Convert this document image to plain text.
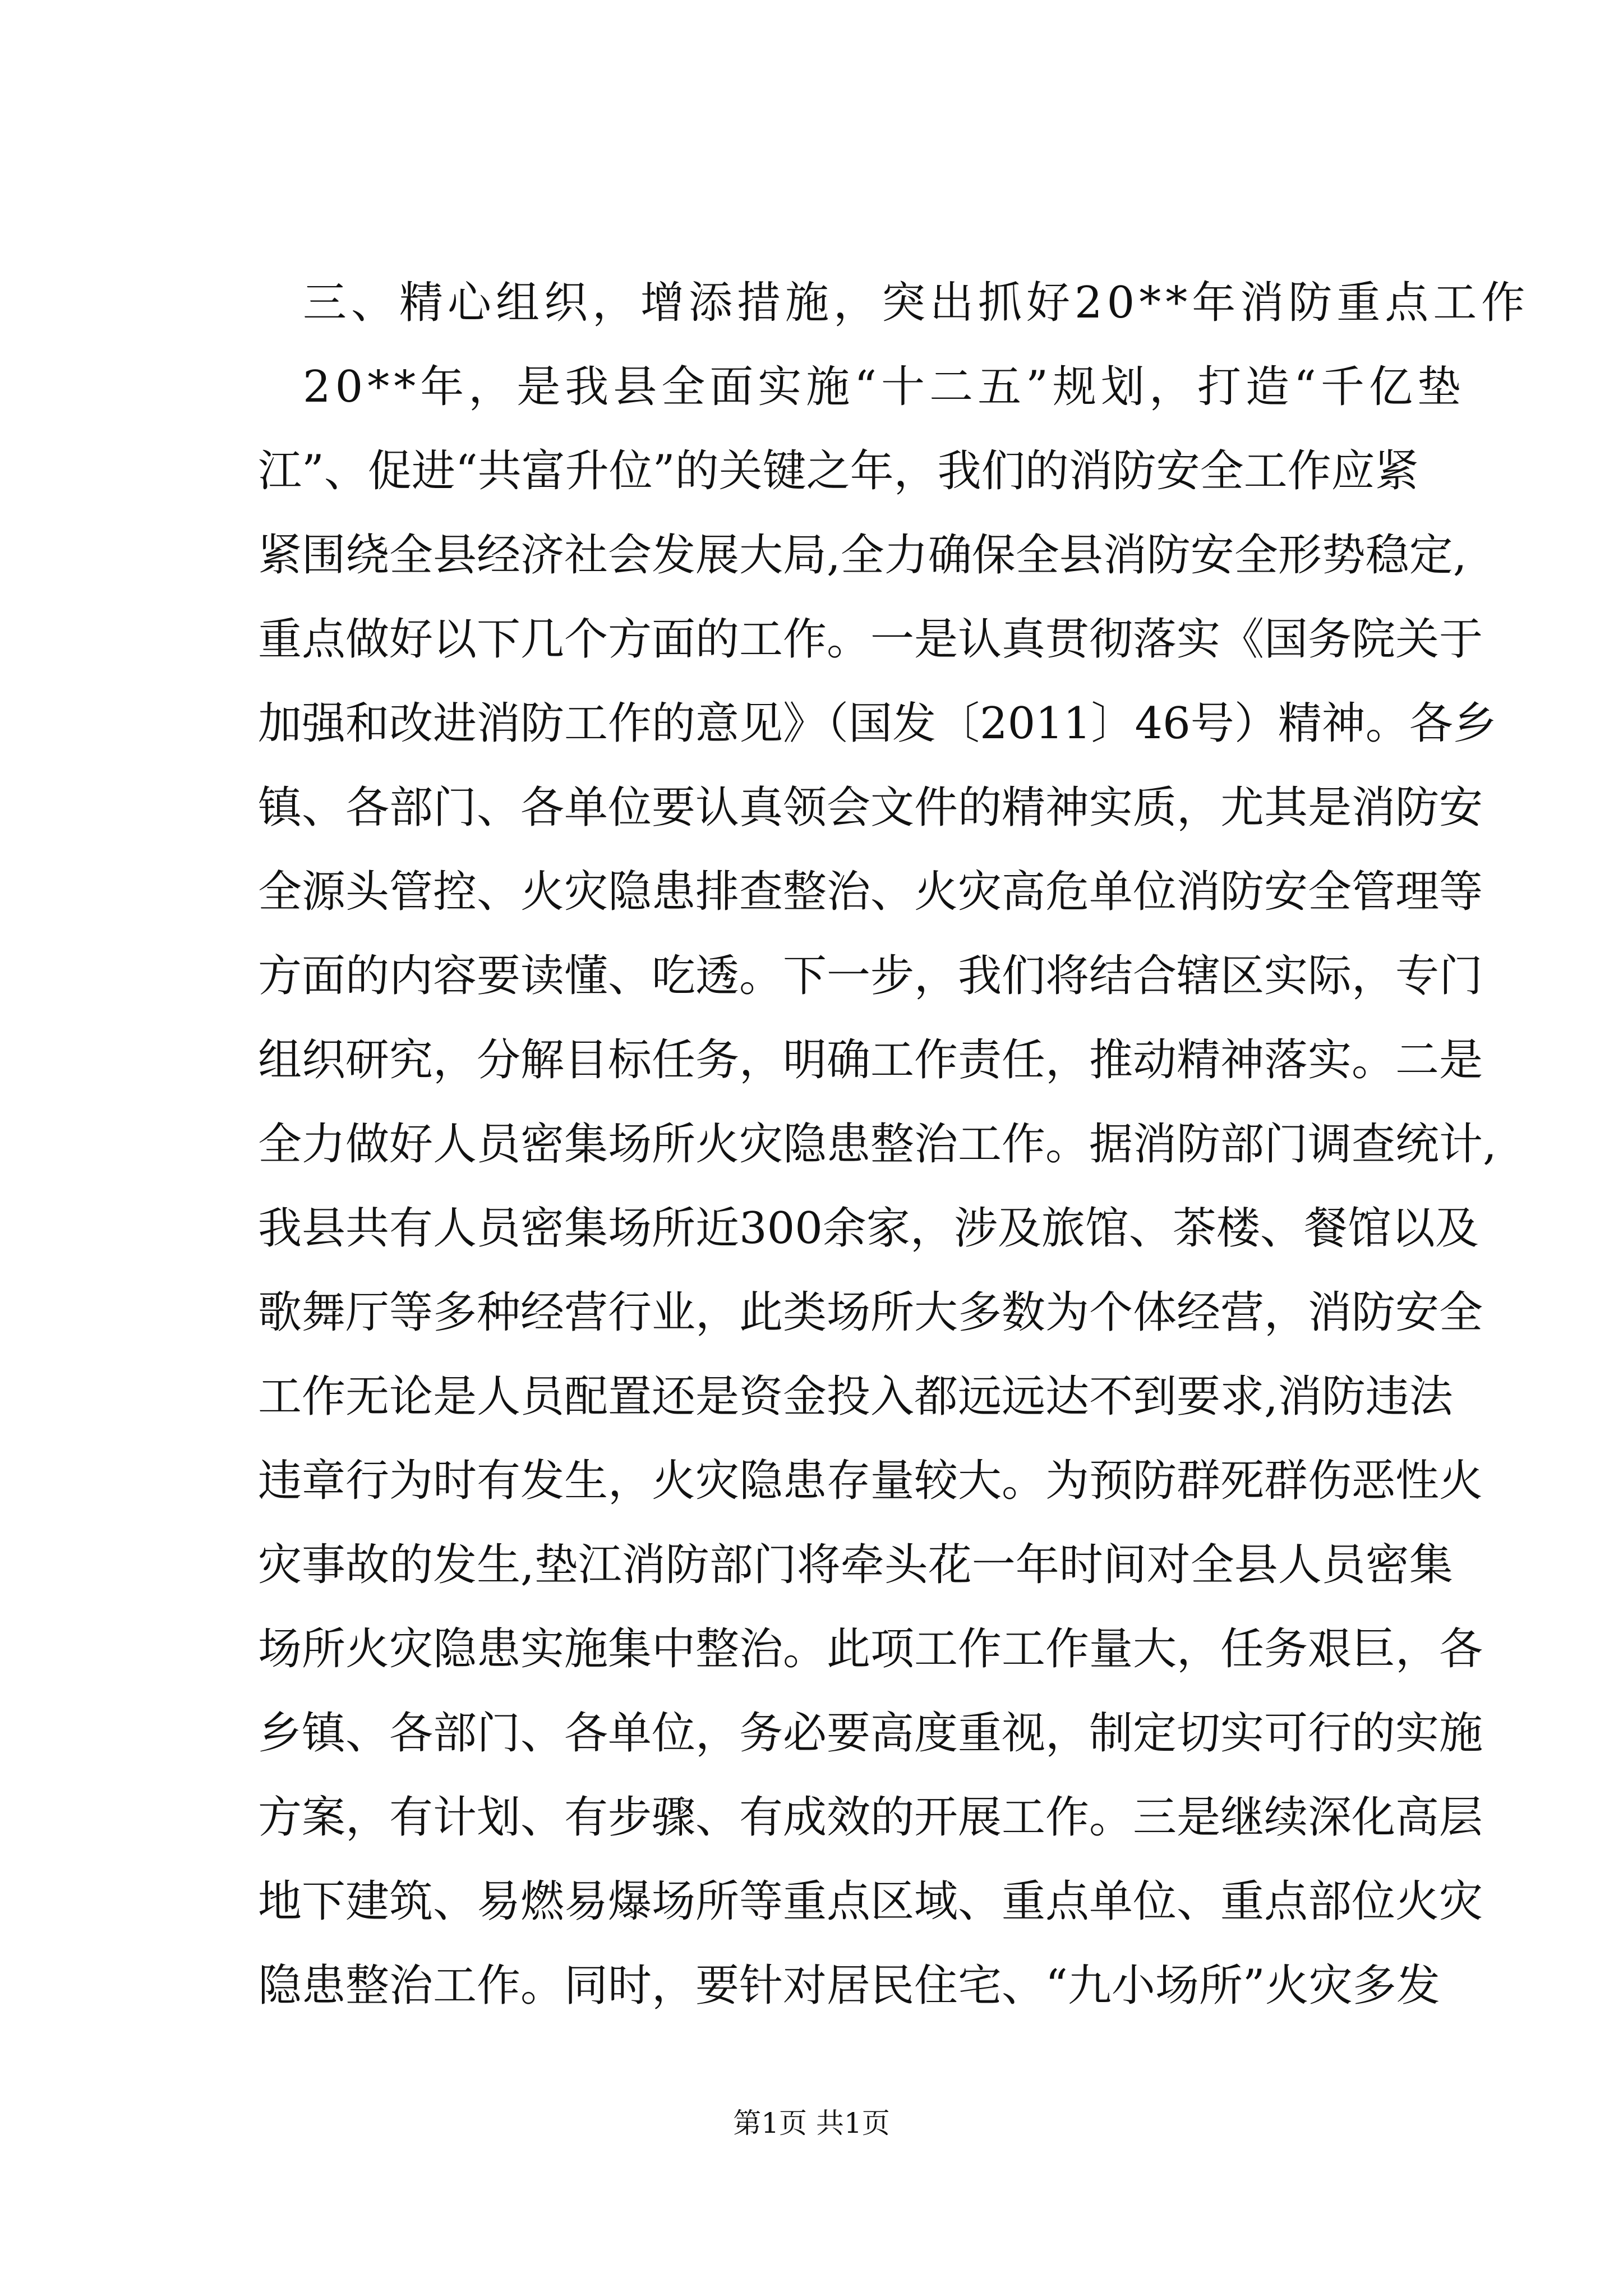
三、精心组织，增添措施，突出抓好20**年消防重点工作
20**年，是我县全面实施“十二五”规划，打造“千亿垫
江”、促进“共富升位”的关键之年，我们的消防安全工作应紧
紧围绕全县经济社会发展大局,全力确保全县消防安全形势稳定,
重点做好以下几个方面的工作。一是认真贯彻落实《国务院关于
加强和改进消防工作的意见》（国发〔2011〕46号）精神。各乡
镇、各部门、各单位要认真领会文件的精神实质，尤其是消防安
全源头管控、火灾隐患排查整治、火灾高危单位消防安全管理等
方面的内容要读懂、吃透。下一步，我们将结合辖区实际，专门
组织研究，分解目标任务，明确工作责任，推动精神落实。二是
全力做好人员密集场所火灾隐患整治工作。据消防部门调查统计,
我县共有人员密集场所近300余家，涉及旅馆、茶楼、餐馆以及
歌舞厅等多种经营行业，此类场所大多数为个体经营，消防安全
工作无论是人员配置还是资金投入都远远达不到要求,消防违法
违章行为时有发生，火灾隐患存量较大。为预防群死群伤恶性火
灾事故的发生,垫江消防部门将牵头花一年时间对全县人员密集
场所火灾隐患实施集中整治。此项工作工作量大，任务艰巨，各
乡镇、各部门、各单位，务必要高度重视，制定切实可行的实施
方案，有计划、有步骤、有成效的开展工作。三是继续深化高层
地下建筑、易燃易爆场所等重点区域、重点单位、重点部位火灾
隐患整治工作。同时，要针对居民住宅、“九小场所”火灾多发
第1页 共1页
